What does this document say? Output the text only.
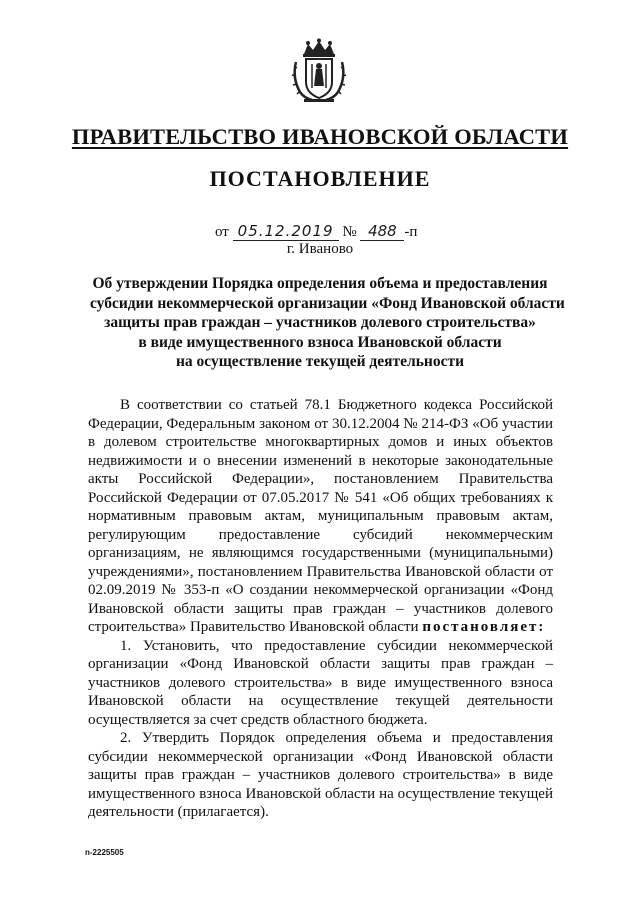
ПРАВИТЕЛЬСТВО ИВАНОВСКОЙ ОБЛАСТИ
ПОСТАНОВЛЕНИЕ
от 05.12.2019 № 488 -п
г. Иваново
Об утверждении Порядка определения объема и предоставления
субсидии некоммерческой организации «Фонд Ивановской области
защиты прав граждан – участников долевого строительства»
в виде имущественного взноса Ивановской области
на осуществление текущей деятельности

В соответствии со статьей 78.1 Бюджетного кодекса Российской Федерации, Федеральным законом от 30.12.2004 № 214-ФЗ «Об участии в долевом строительстве многоквартирных домов и иных объектов недвижимости и о внесении изменений в некоторые законодательные акты Российской Федерации», постановлением Правительства Российской Федерации от 07.05.2017 № 541 «Об общих требованиях к нормативным правовым актам, муниципальным правовым актам, регулирующим предоставление субсидий некоммерческим организациям, не являющимся государственными (муниципальными) учреждениями», постановлением Правительства Ивановской области от 02.09.2019 № 353-п «О создании некоммерческой организации «Фонд Ивановской области защиты прав граждан – участников долевого строительства» Правительство Ивановской области постановляет:

1. Установить, что предоставление субсидии некоммерческой организации «Фонд Ивановской области защиты прав граждан – участников долевого строительства» в виде имущественного взноса Ивановской области на осуществление текущей деятельности осуществляется за счет средств областного бюджета.

2. Утвердить Порядок определения объема и предоставления субсидии некоммерческой организации «Фонд Ивановской области защиты прав граждан – участников долевого строительства» в виде имущественного взноса Ивановской области на осуществление текущей деятельности (прилагается).

n-2225505
